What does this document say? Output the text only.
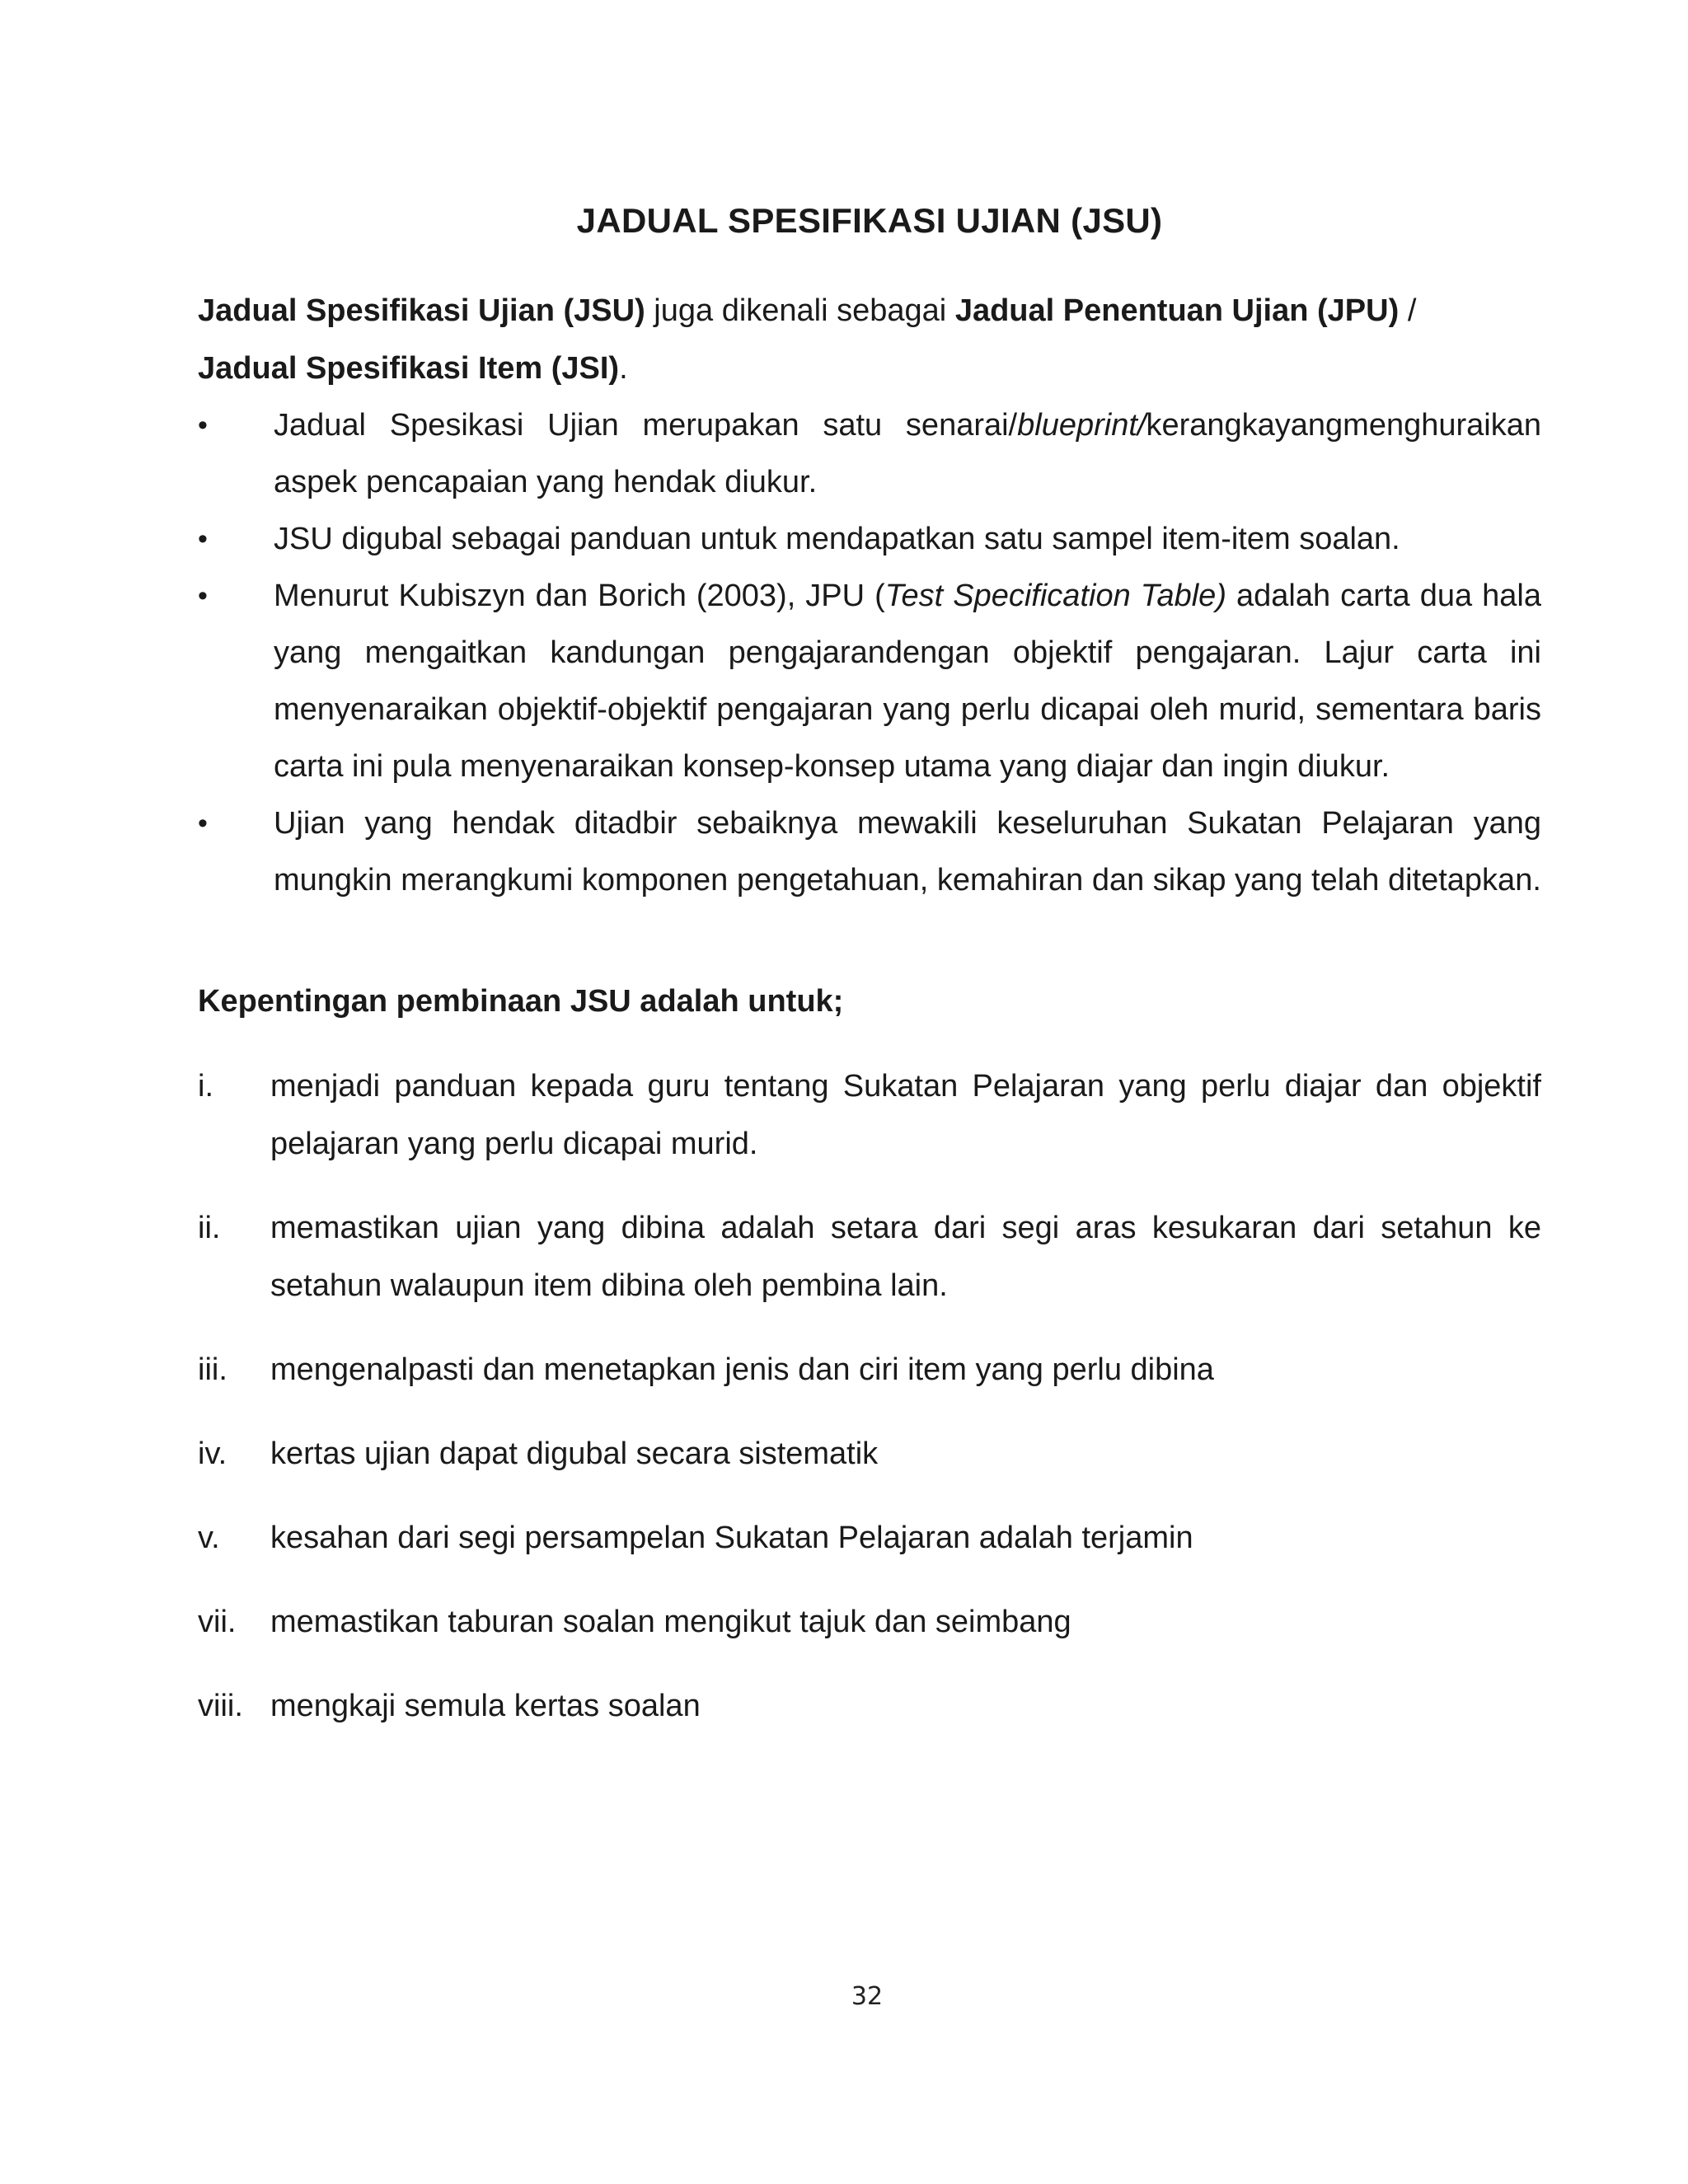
JADUAL SPESIFIKASI UJIAN (JSU)

Jadual Spesifikasi Ujian (JSU) juga dikenali sebagai Jadual Penentuan Ujian (JPU) /
Jadual Spesifikasi Item (JSI).

• Jadual Spesikasi Ujian merupakan satu senarai/blueprint/kerangkayangmenghuraikan aspek pencapaian yang hendak diukur.
• JSU digubal sebagai panduan untuk mendapatkan satu sampel item-item soalan.
• Menurut Kubiszyn dan Borich (2003), JPU (Test Specification Table) adalah carta dua hala yang mengaitkan kandungan pengajarandengan objektif pengajaran. Lajur carta ini menyenaraikan objektif-objektif pengajaran yang perlu dicapai oleh murid, sementara baris carta ini pula menyenaraikan konsep-konsep utama yang diajar dan ingin diukur.
• Ujian yang hendak ditadbir sebaiknya mewakili keseluruhan Sukatan Pelajaran yang mungkin merangkumi komponen pengetahuan, kemahiran dan sikap yang telah ditetapkan.
Kepentingan pembinaan JSU adalah untuk;
i. menjadi panduan kepada guru tentang Sukatan Pelajaran yang perlu diajar dan objektif pelajaran yang perlu dicapai murid.
ii. memastikan ujian yang dibina adalah setara dari segi aras kesukaran dari setahun ke setahun walaupun item dibina oleh pembina lain.
iii. mengenalpasti dan menetapkan jenis dan ciri item yang perlu dibina
iv. kertas ujian dapat digubal secara sistematik
v. kesahan dari segi persampelan Sukatan Pelajaran adalah terjamin
vii. memastikan taburan soalan mengikut tajuk dan seimbang
viii. mengkaji semula kertas soalan
32
